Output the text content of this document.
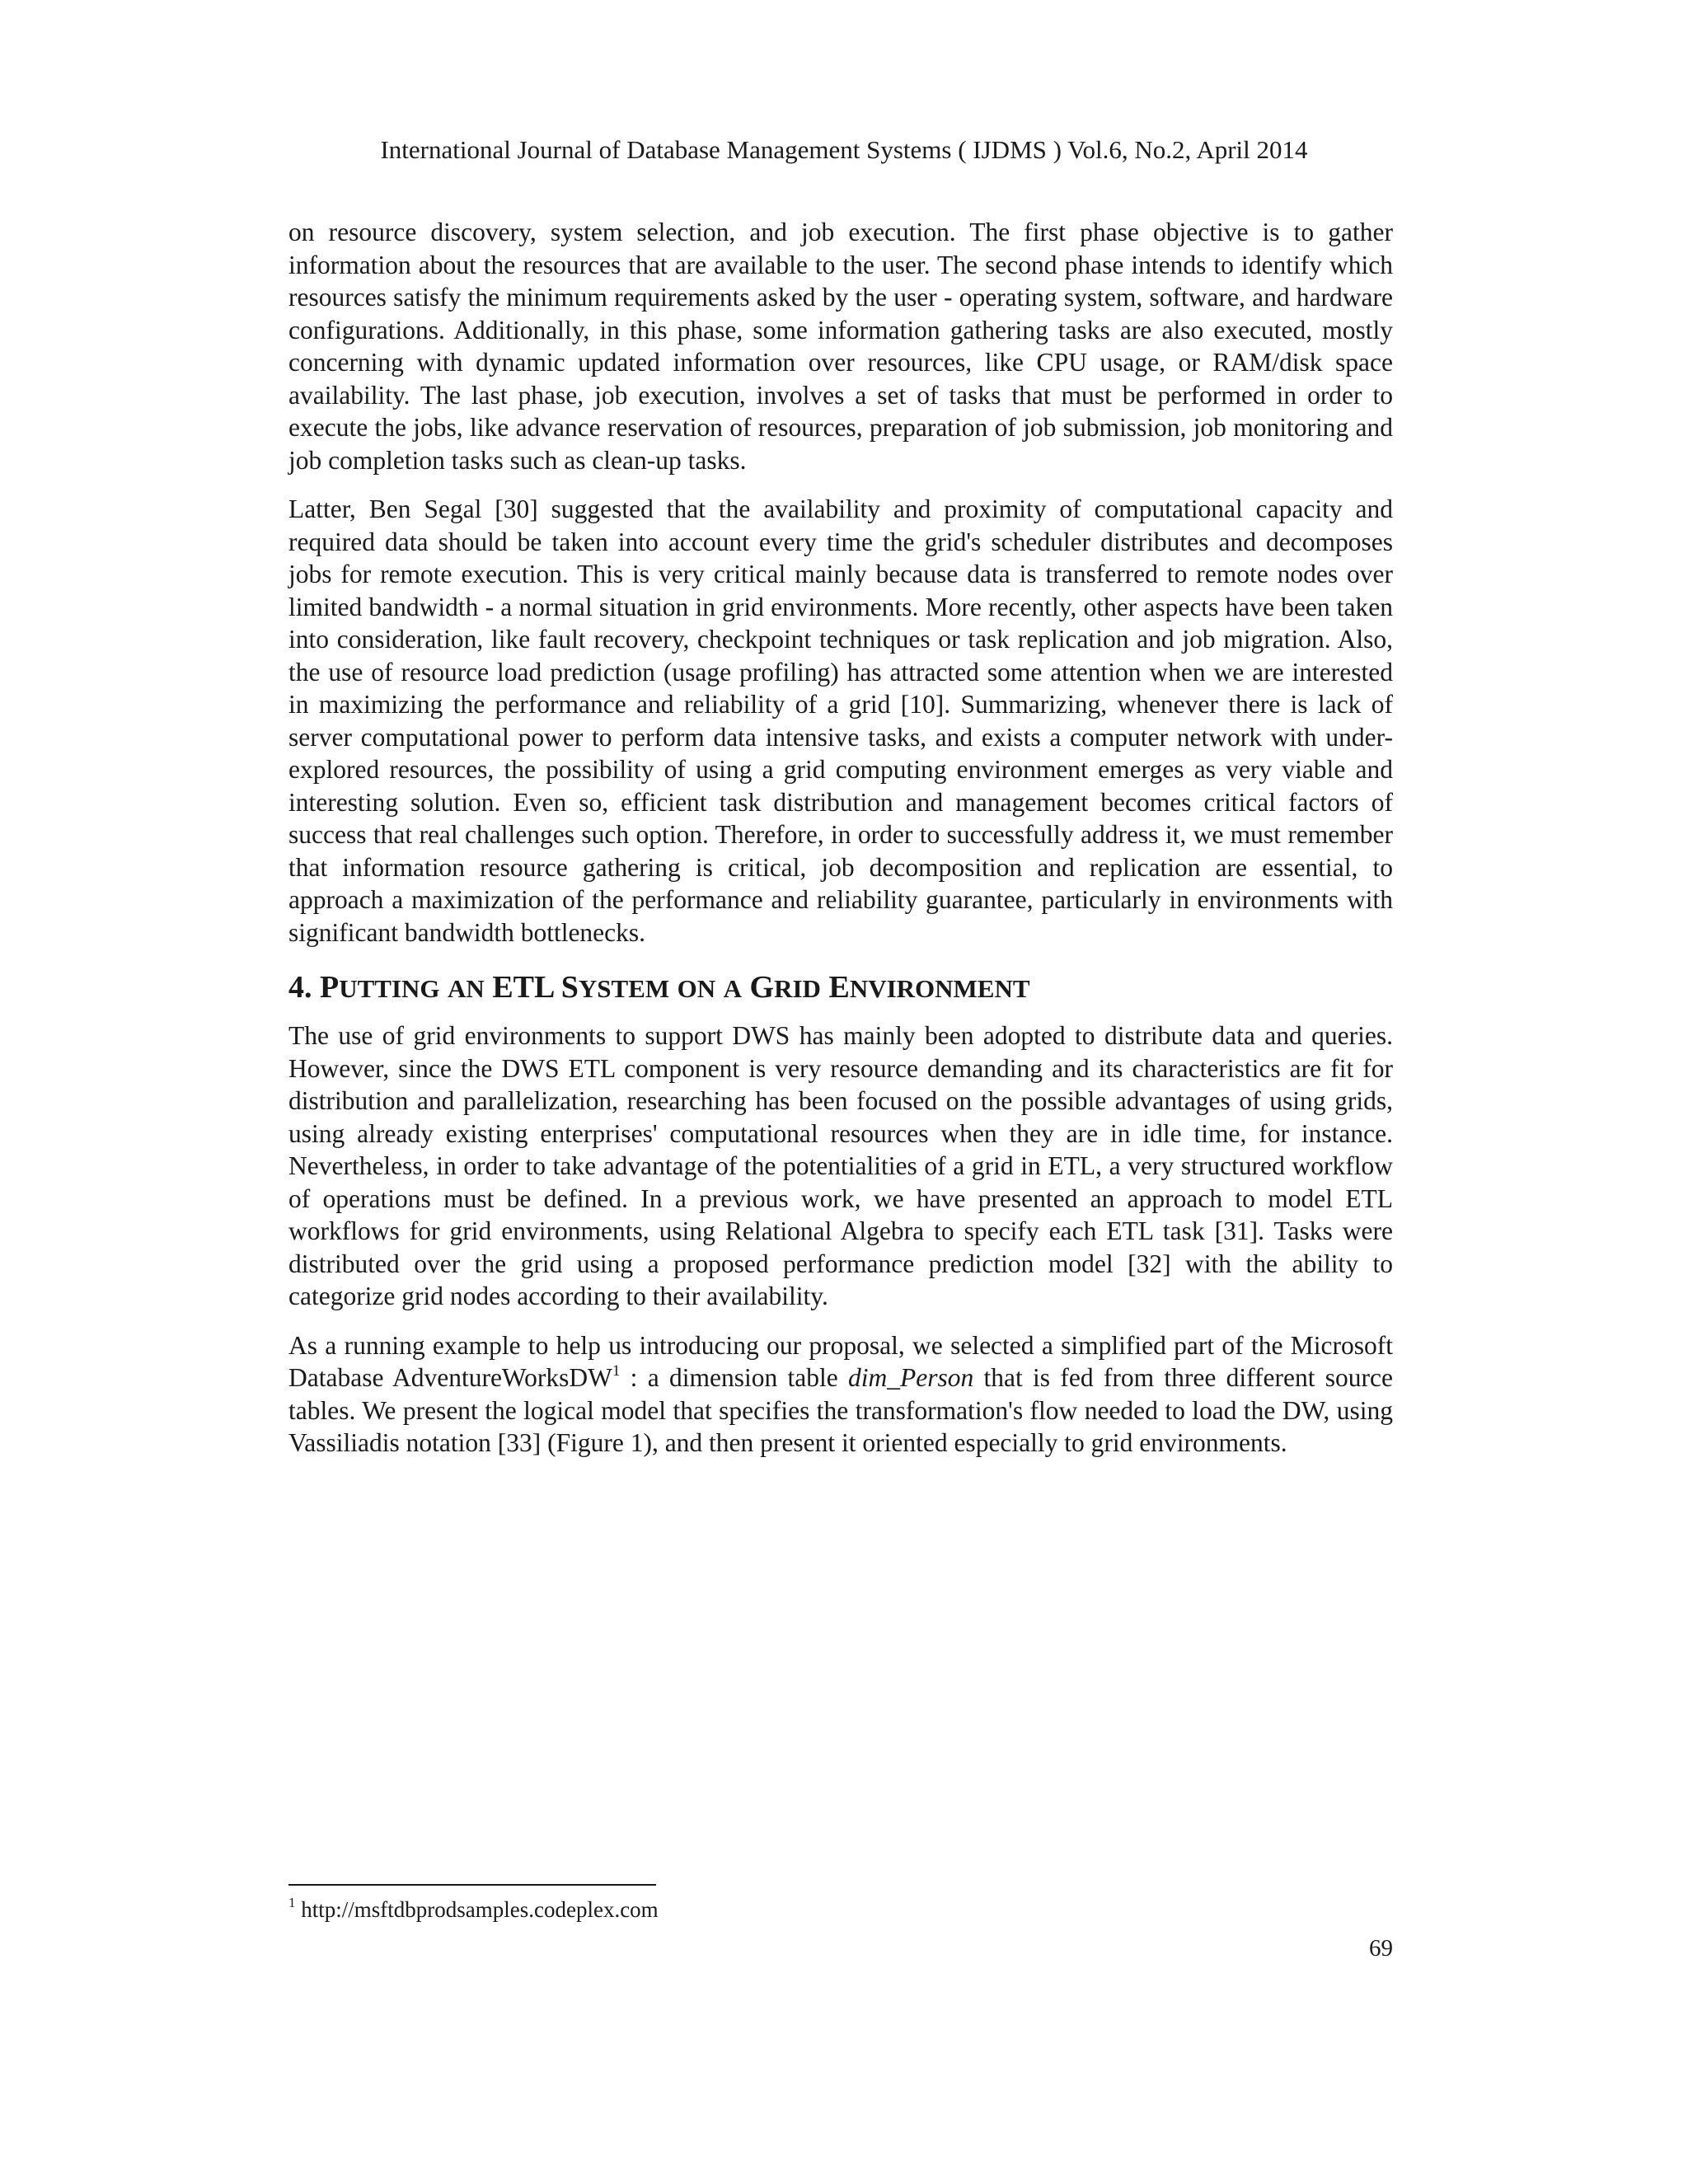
International Journal of Database Management Systems ( IJDMS ) Vol.6, No.2, April 2014

on resource discovery, system selection, and job execution. The first phase objective is to gather information about the resources that are available to the user. The second phase intends to identify which resources satisfy the minimum requirements asked by the user - operating system, software, and hardware configurations. Additionally, in this phase, some information gathering tasks are also executed, mostly concerning with dynamic updated information over resources, like CPU usage, or RAM/disk space availability. The last phase, job execution, involves a set of tasks that must be performed in order to execute the jobs, like advance reservation of resources, preparation of job submission, job monitoring and job completion tasks such as clean-up tasks.

Latter, Ben Segal [30] suggested that the availability and proximity of computational capacity and required data should be taken into account every time the grid's scheduler distributes and decomposes jobs for remote execution. This is very critical mainly because data is transferred to remote nodes over limited bandwidth - a normal situation in grid environments. More recently, other aspects have been taken into consideration, like fault recovery, checkpoint techniques or task replication and job migration. Also, the use of resource load prediction (usage profiling) has attracted some attention when we are interested in maximizing the performance and reliability of a grid [10]. Summarizing, whenever there is lack of server computational power to perform data intensive tasks, and exists a computer network with under-explored resources, the possibility of using a grid computing environment emerges as very viable and interesting solution. Even so, efficient task distribution and management becomes critical factors of success that real challenges such option. Therefore, in order to successfully address it, we must remember that information resource gathering is critical, job decomposition and replication are essential, to approach a maximization of the performance and reliability guarantee, particularly in environments with significant bandwidth bottlenecks.

4. PUTTING AN ETL SYSTEM ON A GRID ENVIRONMENT

The use of grid environments to support DWS has mainly been adopted to distribute data and queries. However, since the DWS ETL component is very resource demanding and its characteristics are fit for distribution and parallelization, researching has been focused on the possible advantages of using grids, using already existing enterprises' computational resources when they are in idle time, for instance. Nevertheless, in order to take advantage of the potentialities of a grid in ETL, a very structured workflow of operations must be defined. In a previous work, we have presented an approach to model ETL workflows for grid environments, using Relational Algebra to specify each ETL task [31]. Tasks were distributed over the grid using a proposed performance prediction model [32] with the ability to categorize grid nodes according to their availability.

As a running example to help us introducing our proposal, we selected a simplified part of the Microsoft Database AdventureWorksDW$^1$ : a dimension table dim_Person that is fed from three different source tables. We present the logical model that specifies the transformation's flow needed to load the DW, using Vassiliadis notation [33] (Figure 1), and then present it oriented especially to grid environments.

$^1$ http://msftdbprodsamples.codeplex.com
69
